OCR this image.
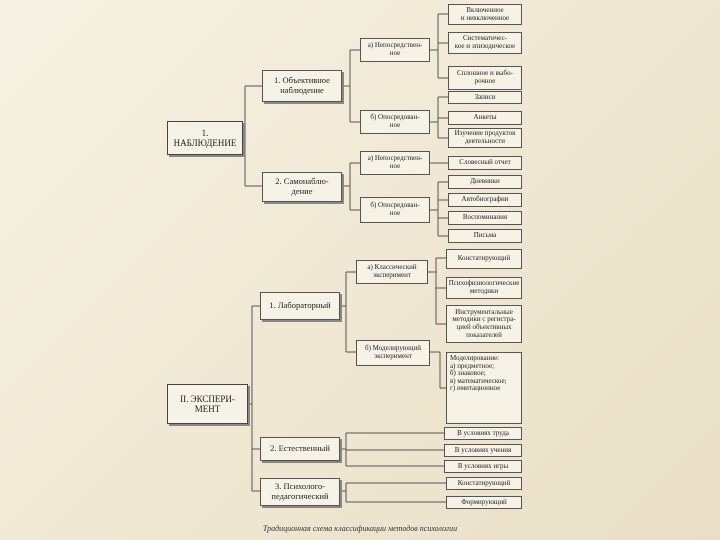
1.
НАБЛЮДЕНИЕ
1. Объективное
наблюдение
2. Самонаблю-
дение
а) Непосредствен-
ное
б) Опосредован-
ное
а) Непосредствен-
ное
б) Опосредован-
ное
Включенное
и невключенное
Систематичес-
кое и эпизодическое
Сплошное и выбо-
рочное
Записи
Анкеты
Изучение продуктов
деятельности
Словесный отчет
Дневники
Автобиографии
Воспоминания
Письма
II. ЭКСПЕРИ-
МЕНТ
1. Лабораторный
2. Естественный
3. Психолого-
педагогический
а) Классический
эксперимент
б) Моделирующий
эксперимент
Констатирующий
Психофизиологические
методики
Инструментальные
методики с регистра-
цией объективных
показателей
Моделирование:
а) предметное;
б) знаковое;
в) математическое;
г) имитационное
В условиях труда
В условиях учения
В условиях игры
Констатирующий
Формирующий
Традиционная схема классификации методов психологии
